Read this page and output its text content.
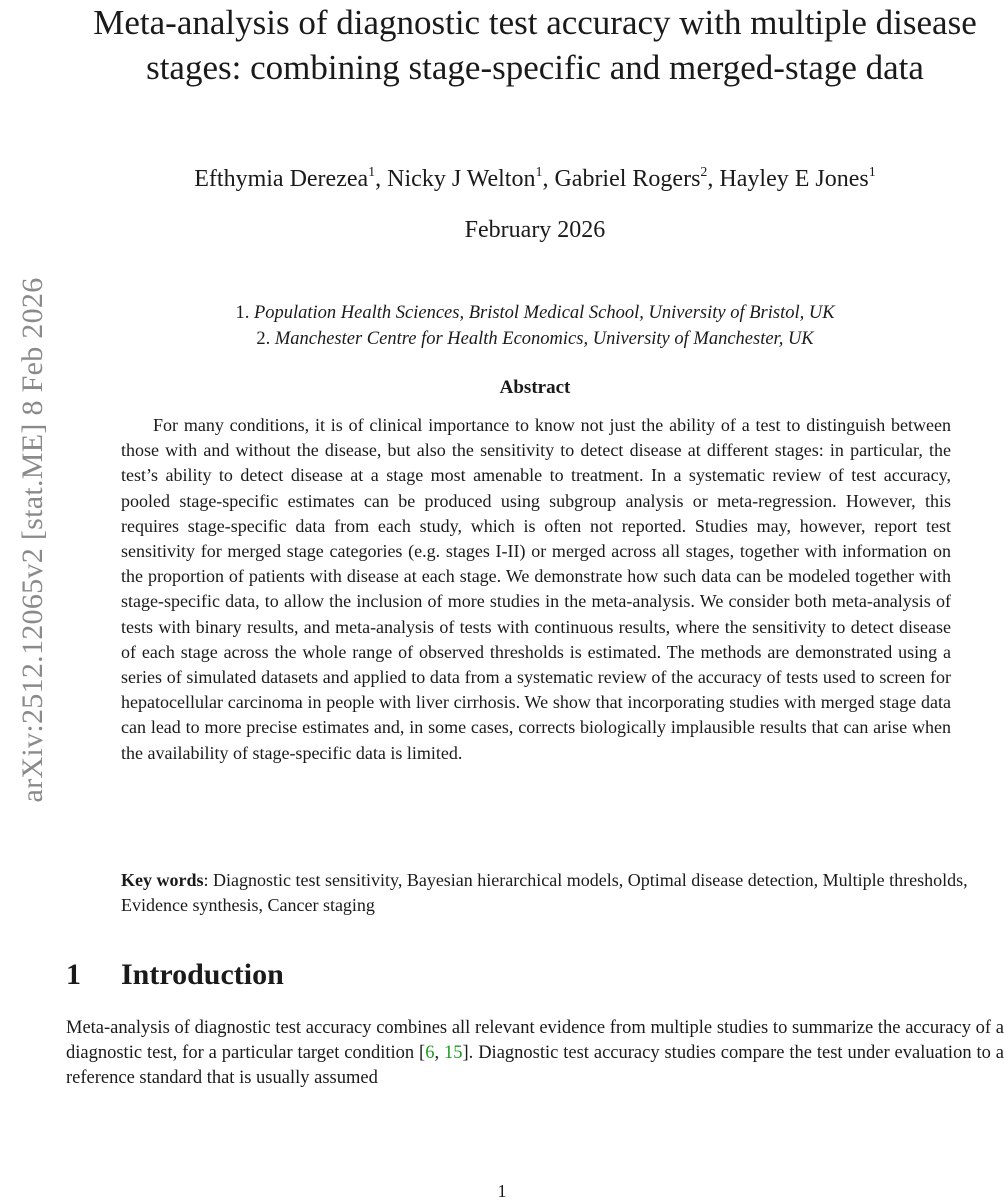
arXiv:2512.12065v2 [stat.ME] 8 Feb 2026
Meta-analysis of diagnostic test accuracy with multiple disease stages: combining stage-specific and merged-stage data
Efthymia Derezea$^1$, Nicky J Welton$^1$, Gabriel Rogers$^2$, Hayley E Jones$^1$
February 2026
1. Population Health Sciences, Bristol Medical School, University of Bristol, UK
2. Manchester Centre for Health Economics, University of Manchester, UK
Abstract

For many conditions, it is of clinical importance to know not just the ability of a test to distinguish between those with and without the disease, but also the sensitivity to detect disease at different stages: in particular, the test’s ability to detect disease at a stage most amenable to treatment. In a systematic review of test accuracy, pooled stage-specific estimates can be produced using subgroup analysis or meta-regression. However, this requires stage-specific data from each study, which is often not reported. Studies may, however, report test sensitivity for merged stage categories (e.g. stages I-II) or merged across all stages, together with information on the proportion of patients with disease at each stage. We demonstrate how such data can be modeled together with stage-specific data, to allow the inclusion of more studies in the meta-analysis. We consider both meta-analysis of tests with binary results, and meta-analysis of tests with continuous results, where the sensitivity to detect disease of each stage across the whole range of observed thresholds is estimated. The methods are demonstrated using a series of simulated datasets and applied to data from a systematic review of the accuracy of tests used to screen for hepatocellular carcinoma in people with liver cirrhosis. We show that incorporating studies with merged stage data can lead to more precise estimates and, in some cases, corrects biologically implausible results that can arise when the availability of stage-specific data is limited.

Key words: Diagnostic test sensitivity, Bayesian hierarchical models, Optimal disease detection, Multiple thresholds, Evidence synthesis, Cancer staging

1 Introduction

Meta-analysis of diagnostic test accuracy combines all relevant evidence from multiple studies to summarize the accuracy of a diagnostic test, for a particular target condition [6, 15]. Diagnostic test accuracy studies compare the test under evaluation to a reference standard that is usually assumed

1
